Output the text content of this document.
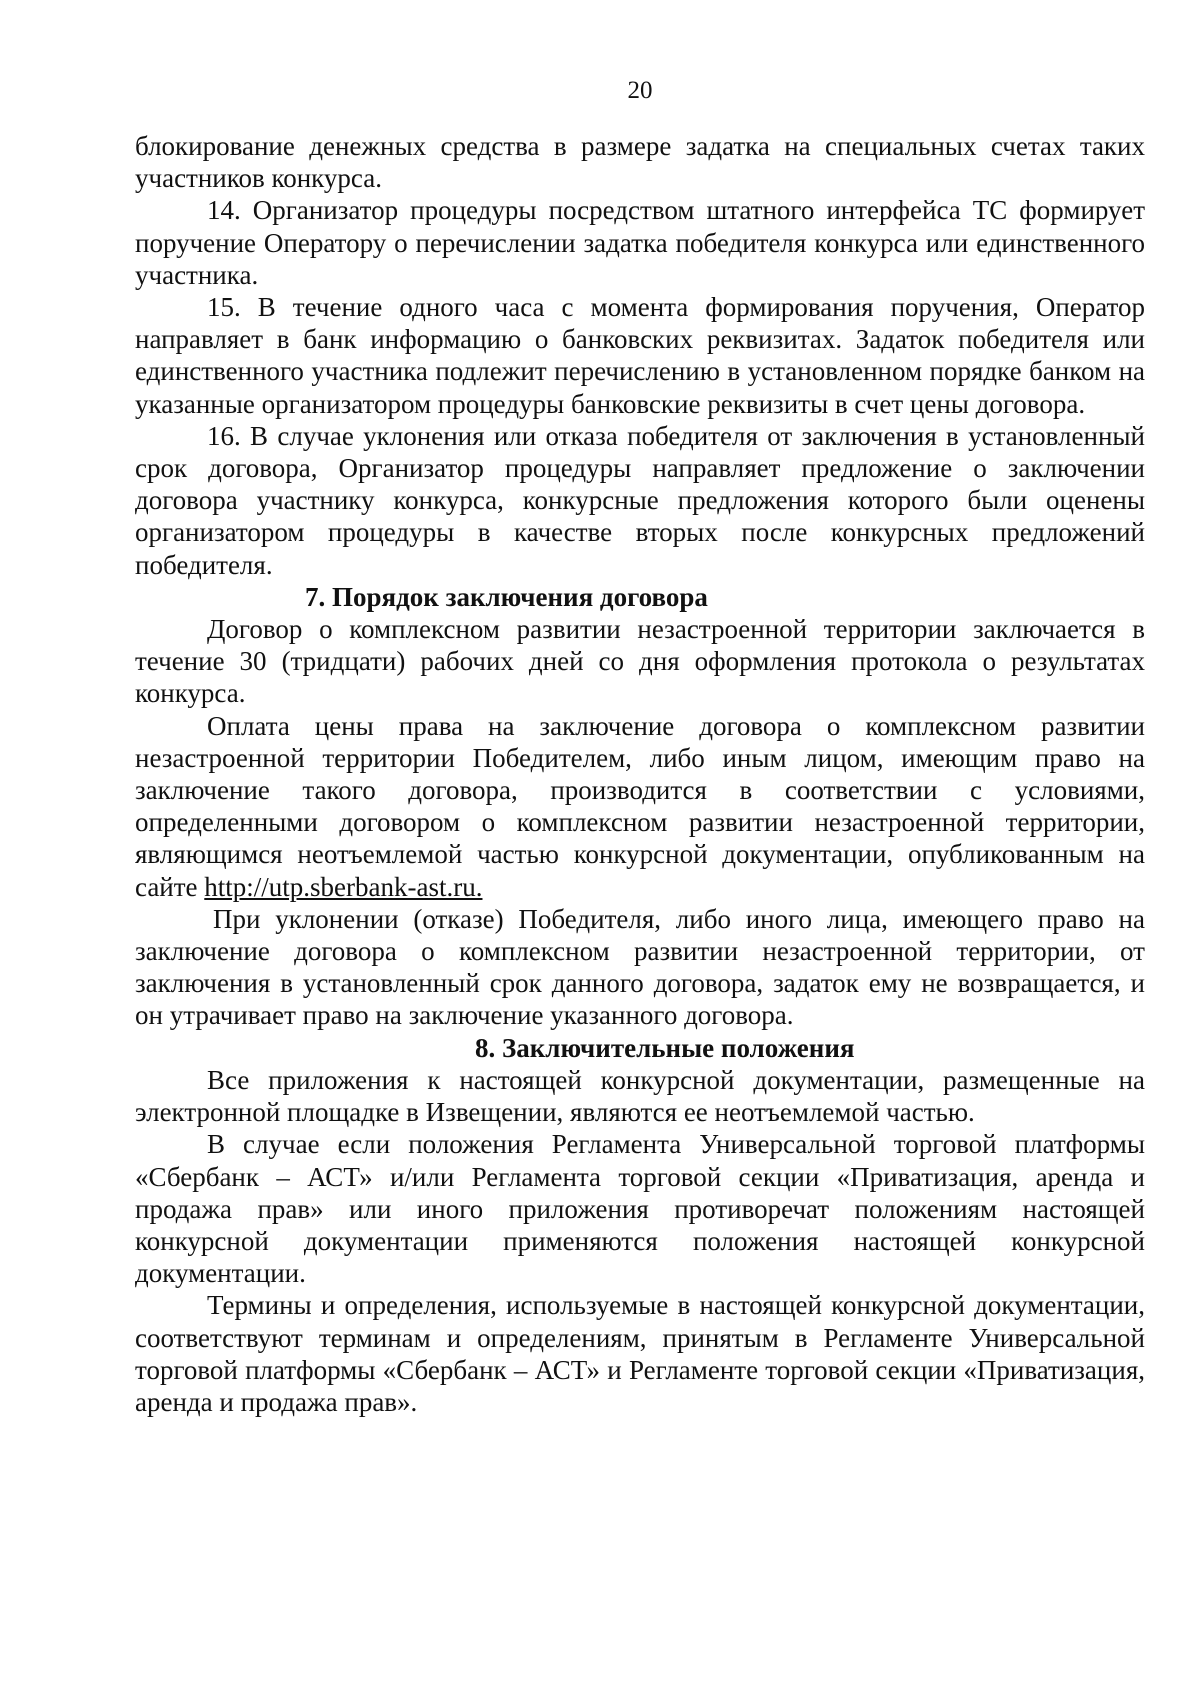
20

блокирование денежных средства в размере задатка на специальных счетах таких участников конкурса.

14. Организатор процедуры посредством штатного интерфейса ТС формирует поручение Оператору о перечислении задатка победителя конкурса или единственного участника.

15. В течение одного часа с момента формирования поручения, Оператор направляет в банк информацию о банковских реквизитах. Задаток победителя или единственного участника подлежит перечислению в установленном порядке банком на указанные организатором процедуры банковские реквизиты в счет цены договора.

16. В случае уклонения или отказа победителя от заключения в установленный срок договора, Организатор процедуры направляет предложение о заключении договора участнику конкурса, конкурсные предложения которого были оценены организатором процедуры в качестве вторых после конкурсных предложений победителя.

7. Порядок заключения договора

Договор о комплексном развитии незастроенной территории заключается в течение 30 (тридцати) рабочих дней со дня оформления протокола о результатах конкурса.

Оплата цены права на заключение договора о комплексном развитии незастроенной территории Победителем, либо иным лицом, имеющим право на заключение такого договора, производится в соответствии с условиями, определенными договором о комплексном развитии незастроенной территории, являющимся неотъемлемой частью конкурсной документации, опубликованным на сайте http://utp.sberbank-ast.ru.

При уклонении (отказе) Победителя, либо иного лица, имеющего право на заключение договора о комплексном развитии незастроенной территории, от заключения в установленный срок данного договора, задаток ему не возвращается, и он утрачивает право на заключение указанного договора.

8. Заключительные положения

Все приложения к настоящей конкурсной документации, размещенные на электронной площадке в Извещении, являются ее неотъемлемой частью.

В случае если положения Регламента Универсальной торговой платформы «Сбербанк – АСТ» и/или Регламента торговой секции «Приватизация, аренда и продажа прав» или иного приложения противоречат положениям настоящей конкурсной документации применяются положения настоящей конкурсной документации.

Термины и определения, используемые в настоящей конкурсной документации, соответствуют терминам и определениям, принятым в Регламенте Универсальной торговой платформы «Сбербанк – АСТ» и Регламенте торговой секции «Приватизация, аренда и продажа прав».
